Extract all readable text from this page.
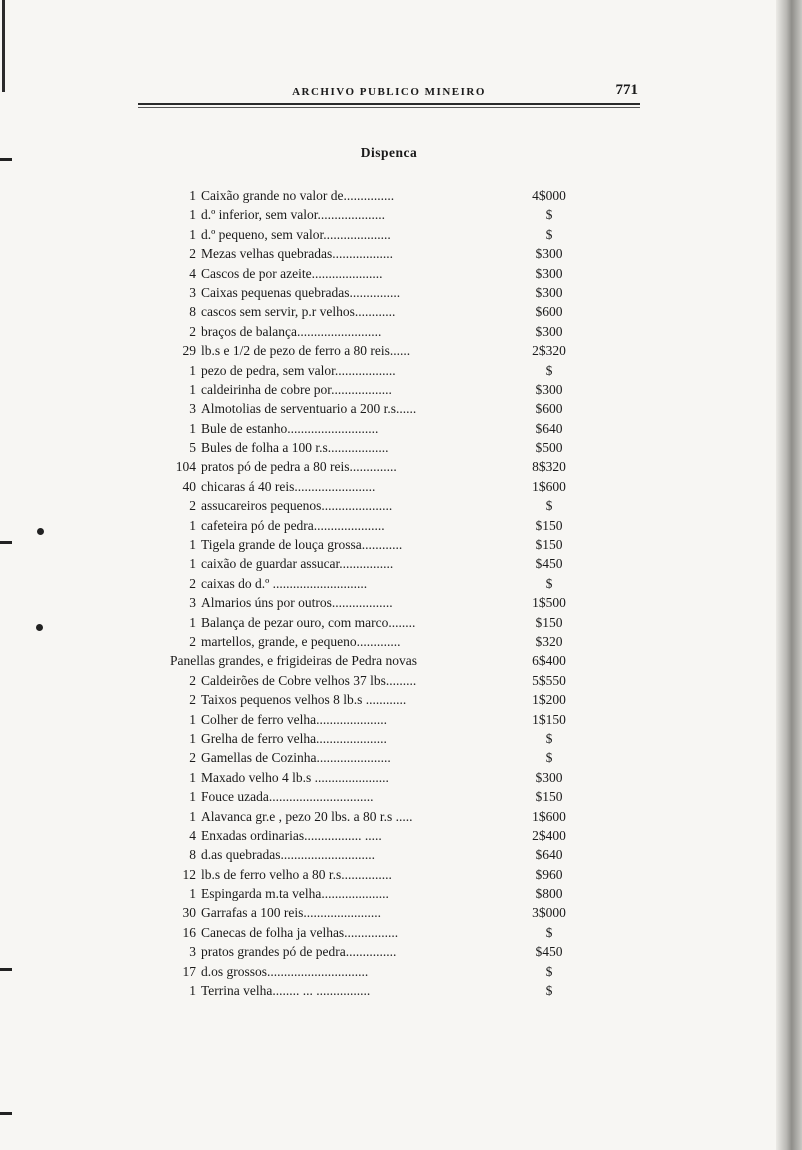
ARCHIVO PUBLICO MINEIRO	771
Dispenca
1 Caixão grande no valor de...............	4$000
1 d.º inferior, sem valor....................	$
1 d.º pequeno, sem valor....................	$
2 Mezas velhas quebradas..................	$300
4 Cascos de por azeite.....................	$300
3 Caixas pequenas quebradas...............	$300
8 cascos sem servir, p.r velhos............	$600
2 braços de balança.........................	$300
29 lb.s e 1/2 de pezo de ferro a 80 reis......	2$320
1 pezo de pedra, sem valor..................	$
1 caldeirinha de cobre por..................	$300
3 Almotolias de serventuario a 200 r.s......	$600
1 Bule de estanho...........................	$640
5 Bules de folha a 100 r.s..................	$500
104 pratos pó de pedra a 80 reis..............	8$320
40 chicaras á 40 reis........................	1$600
2 assucareiros pequenos.....................	$
1 cafeteira pó de pedra.....................	$150
1 Tigela grande de louça grossa............	$150
1 caixão de guardar assucar................	$450
2 caixas do d.º ............................	$
3 Almarios úns por outros..................	1$500
1 Balança de pezar ouro, com marco........	$150
2 martellos, grande, e pequeno.............	$320
Panellas grandes, e frigideiras de Pedra novas	6$400
2 Caldeirões de Cobre velhos 37 lbs.........	5$550
2 Taixos pequenos velhos 8 lb.s ............	1$200
1 Colher de ferro velha.....................	1$150
1 Grelha de ferro velha.....................	$
2 Gamellas de Cozinha......................	$
1 Maxado velho 4 lb.s ......................	$300
1 Fouce uzada...............................	$150
1 Alavanca gr.e , pezo 20 lbs. a 80 r.s .....	1$600
4 Enxadas ordinarias................. .....	2$400
8 d.as quebradas............................	$640
12 lb.s de ferro velho a 80 r.s...............	$960
1 Espingarda m.ta velha....................	$800
30 Garrafas a 100 reis.......................	3$000
16 Canecas de folha ja velhas................	$
3 pratos grandes pó de pedra...............	$450
17 d.os grossos..............................	$
1 Terrina velha........ ... ................	$
